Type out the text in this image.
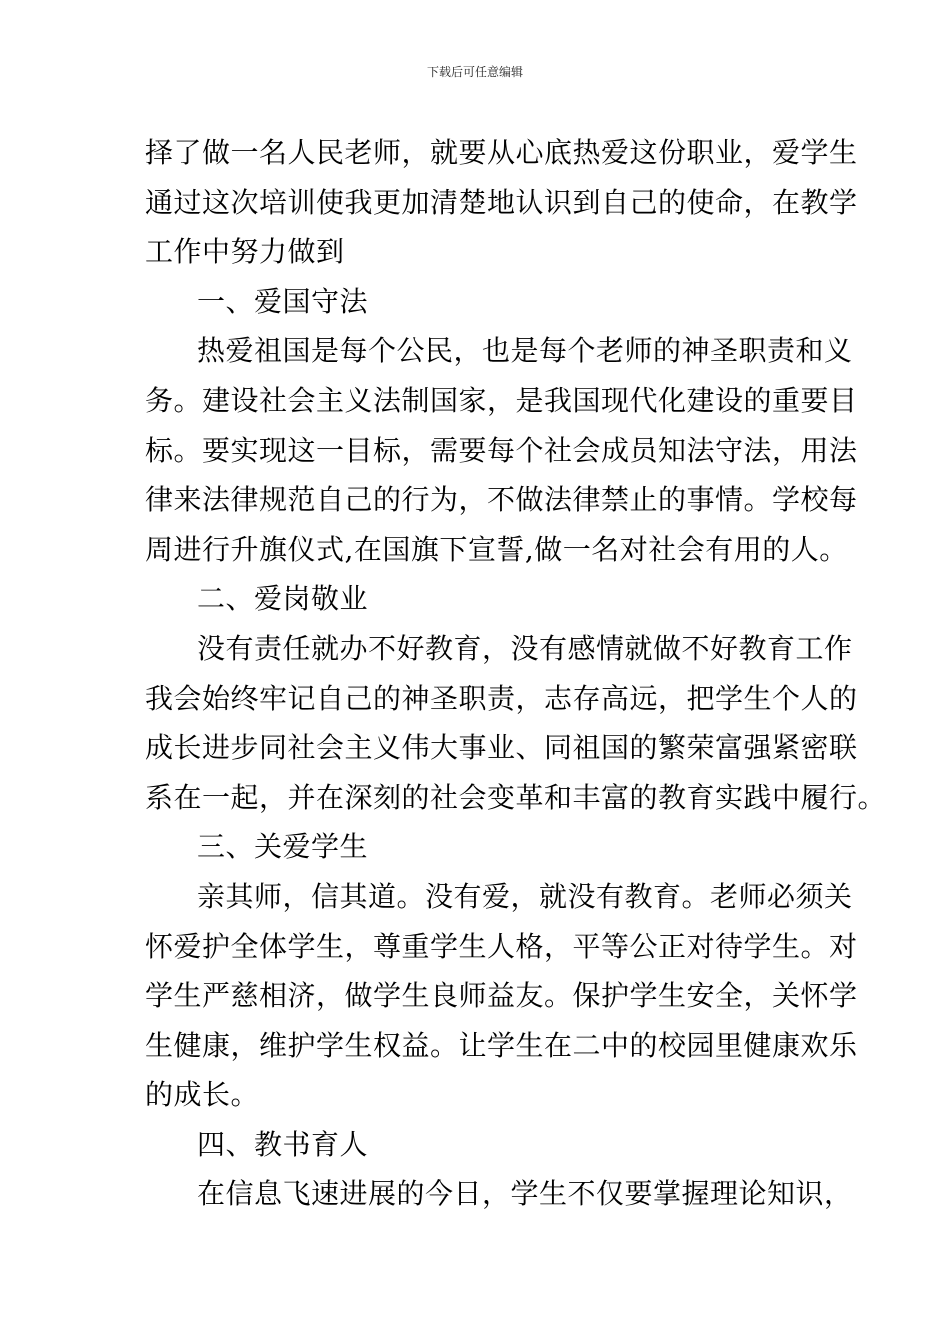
下载后可任意编辑
择了做一名人民老师，就要从心底热爱这份职业，爱学生
通过这次培训使我更加清楚地认识到自己的使命，在教学
工作中努力做到
一、爱国守法
热爱祖国是每个公民，也是每个老师的神圣职责和义
务。建设社会主义法制国家，是我国现代化建设的重要目
标。要实现这一目标，需要每个社会成员知法守法，用法
律来法律规范自己的行为，不做法律禁止的事情。学校每
周进行升旗仪式,在国旗下宣誓,做一名对社会有用的人。
二、爱岗敬业
没有责任就办不好教育，没有感情就做不好教育工作
我会始终牢记自己的神圣职责，志存高远，把学生个人的
成长进步同社会主义伟大事业、同祖国的繁荣富强紧密联
系在一起，并在深刻的社会变革和丰富的教育实践中履行。
三、关爱学生
亲其师，信其道。没有爱，就没有教育。老师必须关
怀爱护全体学生，尊重学生人格，平等公正对待学生。对
学生严慈相济，做学生良师益友。保护学生安全，关怀学
生健康，维护学生权益。让学生在二中的校园里健康欢乐
的成长。
四、教书育人
在信息飞速进展的今日，学生不仅要掌握理论知识，
